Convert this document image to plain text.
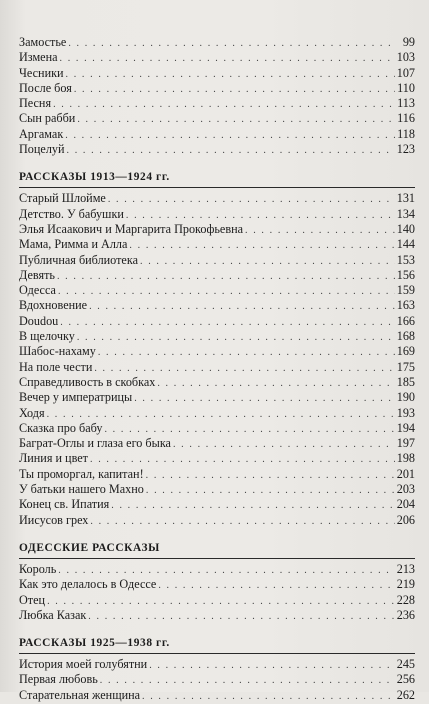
Замостье . . .	99
Измена . . .	103
Чесники . . .	107
После боя . . .	110
Песня . . .	113
Сын рабби . . .	116
Аргамак . . .	118
Поцелуй . . .	123
РАССКАЗЫ 1913—1924 гг.
Старый Шлойме . . .	131
Детство. У бабушки . . .	134
Элья Исаакович и Маргарита Прокофьевна . . .	140
Мама, Римма и Алла . . .	144
Публичная библиотека . . .	153
Девять . . .	156
Одесса . . .	159
Вдохновение . . .	163
Doudou . . .	166
В щелочку . . .	168
Шабос-нахаму . . .	169
На поле чести . . .	175
Справедливость в скобках . . .	185
Вечер у императрицы . . .	190
Ходя . . .	193
Сказка про бабу . . .	194
Баграт-Оглы и глаза его быка . . .	197
Линия и цвет . . .	198
Ты проморгал, капитан! . . .	201
У батьки нашего Махно . . .	203
Конец св. Ипатия . . .	204
Иисусов грех . . .	206
ОДЕССКИЕ РАССКАЗЫ
Король . . .	213
Как это делалось в Одессе . . .	219
Отец . . .	228
Любка Казак . . .	236
РАССКАЗЫ 1925—1938 гг.
История моей голубятни . . .	245
Первая любовь . . .	256
Старательная женщина . . .	262
